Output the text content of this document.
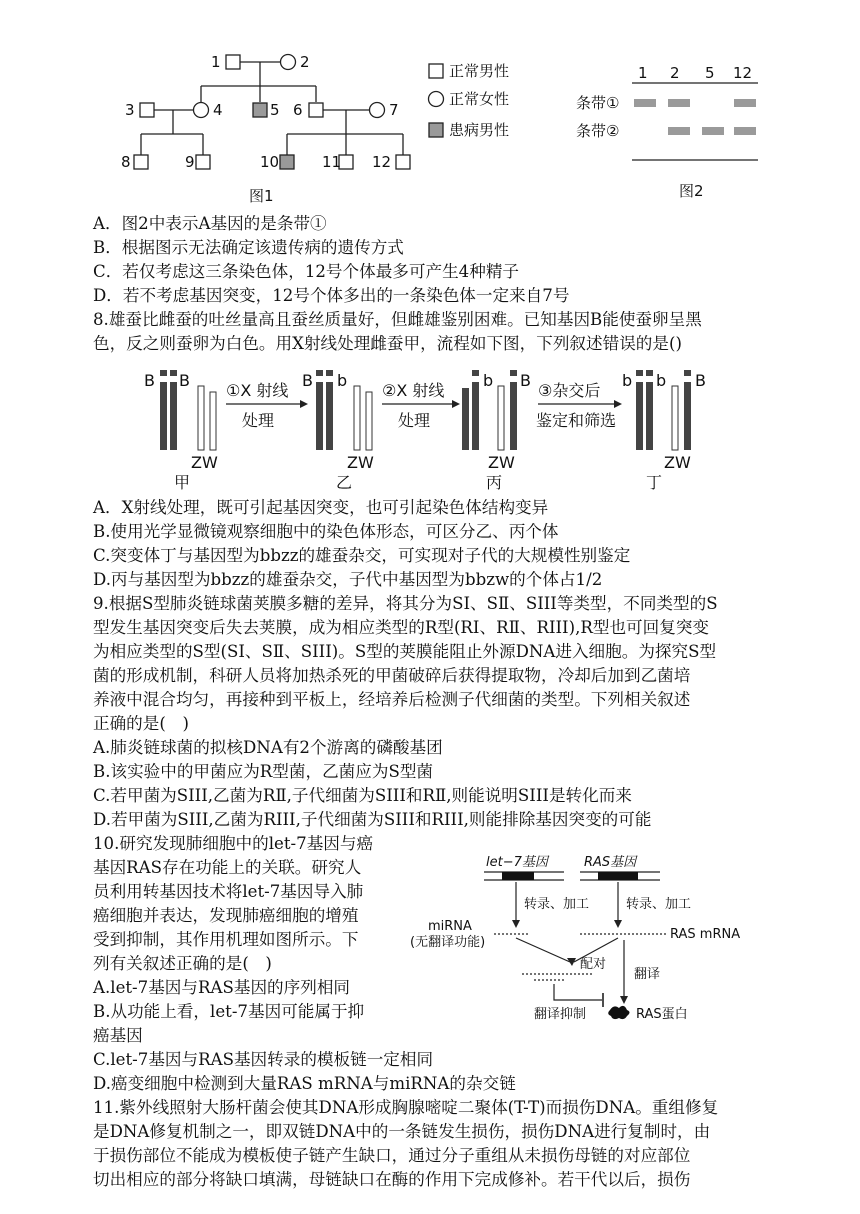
1	2
3	4	5 6	7
8	9	10	11 12
图1
正常男性
正常女性
患病男性
1 2 5 12
条带①
条带②
图2
A．图2中表示A基因的是条带①
B．根据图示无法确定该遗传病的遗传方式
C．若仅考虑这三条染色体，12号个体最多可产生4种精子
D．若不考虑基因突变，12号个体多出的一条染色体一定来自7号
8.雄蚕比雌蚕的吐丝量高且蚕丝质量好，但雌雄鉴别困难。已知基因B能使蚕卵呈黑
色，反之则蚕卵为白色。用X射线处理雌蚕甲，流程如下图，下列叙述错误的是()
B B
ZW
甲
①X 射线
处理
B b
ZW
乙
②X 射线
处理
b B
ZW
丙
③杂交后
鉴定和筛选
b b B
ZW
丁
A．X射线处理，既可引起基因突变，也可引起染色体结构变异
B.使用光学显微镜观察细胞中的染色体形态，可区分乙、丙个体
C.突变体丁与基因型为bbzz的雄蚕杂交，可实现对子代的大规模性别鉴定
D.丙与基因型为bbzz的雄蚕杂交，子代中基因型为bbzw的个体占1/2
9.根据S型肺炎链球菌荚膜多糖的差异，将其分为SI、SⅡ、SIII等类型，不同类型的S
型发生基因突变后失去荚膜，成为相应类型的R型(RI、RⅡ、RIII),R型也可回复突变
为相应类型的S型(SI、SⅡ、SIII)。S型的荚膜能阻止外源DNA进入细胞。为探究S型
菌的形成机制，科研人员将加热杀死的甲菌破碎后获得提取物，冷却后加到乙菌培
养液中混合均匀，再接种到平板上，经培养后检测子代细菌的类型。下列相关叙述
正确的是(　)
A.肺炎链球菌的拟核DNA有2个游离的磷酸基团
B.该实验中的甲菌应为R型菌，乙菌应为S型菌
C.若甲菌为SIII,乙菌为RⅡ,子代细菌为SIII和RⅡ,则能说明SIII是转化而来
D.若甲菌为SIII,乙菌为RIII,子代细菌为SIII和RIII,则能排除基因突变的可能
10.研究发现肺细胞中的let-7基因与癌
基因RAS存在功能上的关联。研究人
员利用转基因技术将let-7基因导入肺
癌细胞并表达，发现肺癌细胞的增殖
受到抑制，其作用机理如图所示。下
列有关叙述正确的是(　)
A.let-7基因与RAS基因的序列相同
B.从功能上看，let-7基因可能属于抑
癌基因
C.let-7基因与RAS基因转录的模板链一定相同
D.癌变细胞中检测到大量RAS mRNA与miRNA的杂交链
let−7基因
转录、加工
RAS基因
转录、加工
miRNA
(无翻译功能)
RAS mRNA
配对
翻译抑制
翻译
RAS蛋白
11.紫外线照射大肠杆菌会使其DNA形成胸腺嘧啶二聚体(T-T)而损伤DNA。重组修复
是DNA修复机制之一，即双链DNA中的一条链发生损伤，损伤DNA进行复制时，由
于损伤部位不能成为模板使子链产生缺口，通过分子重组从未损伤母链的对应部位
切出相应的部分将缺口填满，母链缺口在酶的作用下完成修补。若干代以后，损伤
